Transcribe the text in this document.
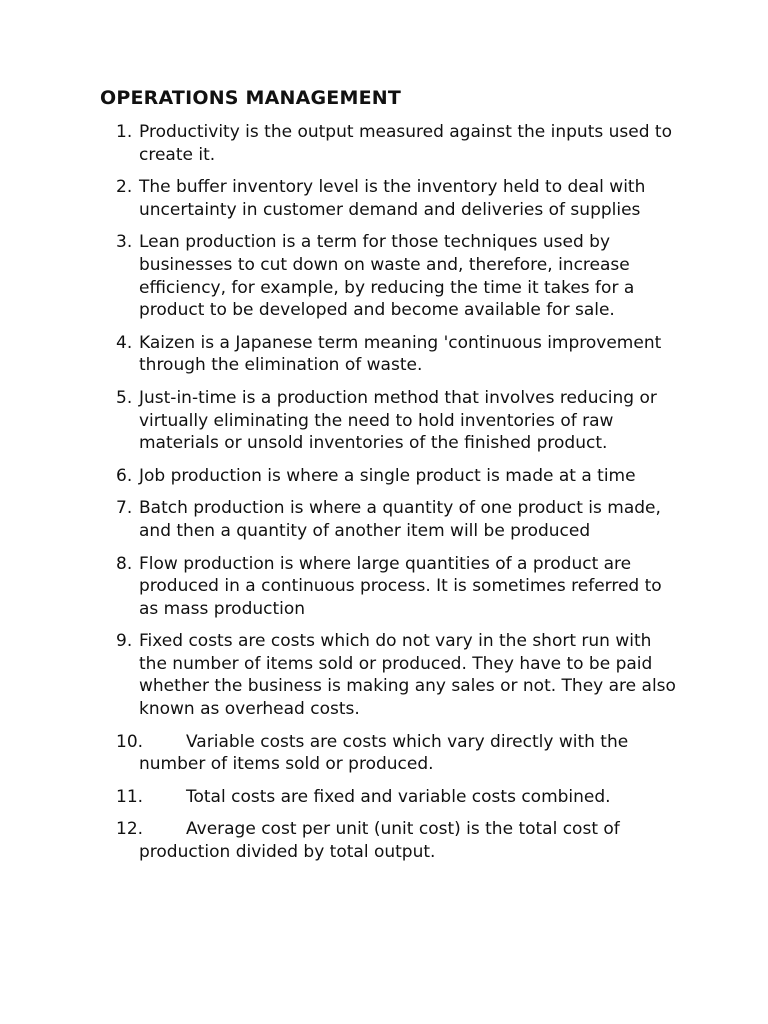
OPERATIONS MANAGEMENT
1. Productivity is the output measured against the inputs used to create it.
2. The buffer inventory level is the inventory held to deal with uncertainty in customer demand and deliveries of supplies
3. Lean production is a term for those techniques used by businesses to cut down on waste and, therefore, increase efficiency, for example, by reducing the time it takes for a product to be developed and become available for sale.
4. Kaizen is a Japanese term meaning 'continuous improvement through the elimination of waste.
5. Just-in-time is a production method that involves reducing or virtually eliminating the need to hold inventories of raw materials or unsold inventories of the finished product.
6. Job production is where a single product is made at a time
7. Batch production is where a quantity of one product is made, and then a quantity of another item will be produced
8. Flow production is where large quantities of a product are produced in a continuous process. It is sometimes referred to as mass production
9. Fixed costs are costs which do not vary in the short run with the number of items sold or produced. They have to be paid whether the business is making any sales or not. They are also known as overhead costs.
10.	Variable costs are costs which vary directly with the number of items sold or produced.
11.	Total costs are fixed and variable costs combined.
12.	Average cost per unit (unit cost) is the total cost of production divided by total output.
